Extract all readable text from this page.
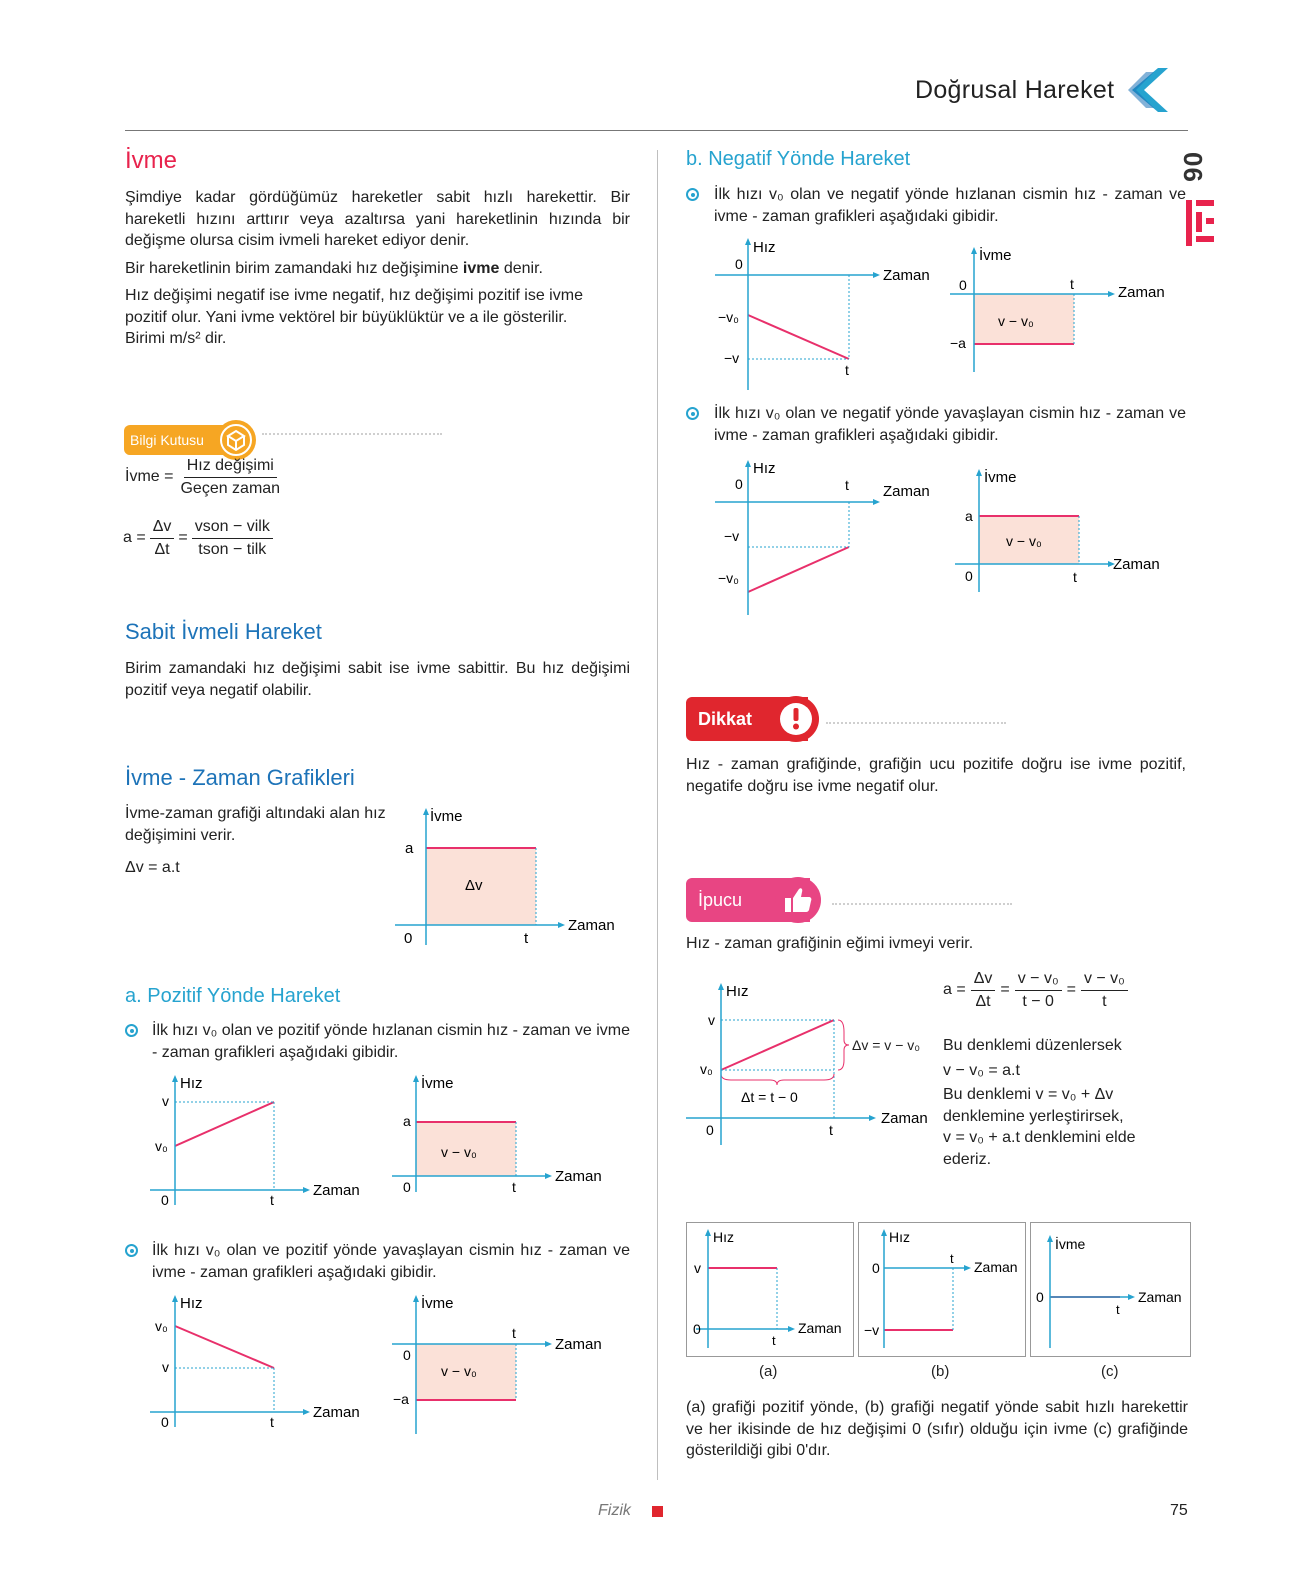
Doğrusal Hareket
06
İvme
Şimdiye kadar gördüğümüz hareketler sabit hızlı harekettir. Bir hareketli hızını arttırır veya azaltırsa yani hareketlinin hızında bir değişme olursa cisim ivmeli hareket ediyor denir.
Bir hareketlinin birim zamandaki hız değişimine ivme denir.
Hız değişimi negatif ise ivme negatif, hız değişimi pozitif ise ivme
pozitif olur. Yani ivme vektörel bir büyüklüktür ve a ile gösterilir.
Birimi m/s² dir.
Bilgi Kutusu
İvme = $\frac{\text{Hız değişimi}}{\text{Geçen zaman}}$
$a = \frac{\Delta v}{\Delta t} = \frac{\text{vson − vilk}}{\text{tson − tilk}}$
Sabit İvmeli Hareket
Birim zamandaki hız değişimi sabit ise ivme sabittir. Bu hız değişimi pozitif veya negatif olabilir.
İvme - Zaman Grafikleri
İvme-zaman grafiği altındaki alan hız değişimini verir.
Δv = a.t
İvme
a
Δv
0	t
Zaman
a. Pozitif Yönde Hareket
İlk hızı v₀ olan ve pozitif yönde hızlanan cismin hız - zaman ve ivme - zaman grafikleri aşağıdaki gibidir.
Hız
v
v₀
0	t
Zaman
İvme
a
v − v₀
0	t
Zaman
İlk hızı v₀ olan ve pozitif yönde yavaşlayan cismin hız - zaman ve ivme - zaman grafikleri aşağıdaki gibidir.
Hız
v₀
v
0	t
Zaman
İvme
t
0
v − v₀
−a
Zaman
b. Negatif Yönde Hareket
İlk hızı v₀ olan ve negatif yönde hızlanan cismin hız - zaman ve ivme - zaman grafikleri aşağıdaki gibidir.
Hız
0
−v₀
−v
t
Zaman
İvme
0	t
v − v₀
−a
Zaman
İlk hızı v₀ olan ve negatif yönde yavaşlayan cismin hız - zaman ve ivme - zaman grafikleri aşağıdaki gibidir.
Hız
0	t
−v
−v₀
Zaman
İvme
a
v − v₀
0	t
Zaman
Dikkat
Hız - zaman grafiğinde, grafiğin ucu pozitife doğru ise ivme pozitif, negatife doğru ise ivme negatif olur.
İpucu
Hız - zaman grafiğinin eğimi ivmeyi verir.
Hız
v
v₀
Δt = t − 0
0	t
Zaman
Δv = v − v₀
$a = \frac{\Delta v}{\Delta t} = \frac{\text{v − v₀}}{t - 0} = \frac{\text{v − v₀}}{t}$
Bu denklemi düzenlersek
v − v₀ = a.t
Bu denklemi v = v₀ + Δv
denklemine yerleştirirsek,
v = v₀ + a.t denklemini elde
ederiz.
Hız
v
0
t
Zaman
Hız
0
t
−v
Zaman
İvme
0
t
Zaman
(a)	(b)	(c)
(a) grafiği pozitif yönde, (b) grafiği negatif yönde sabit hızlı harekettir ve her ikisinde de hız değişimi 0 (sıfır) olduğu için ivme (c) grafiğinde gösterildiği gibi 0'dır.
Fizik	75
